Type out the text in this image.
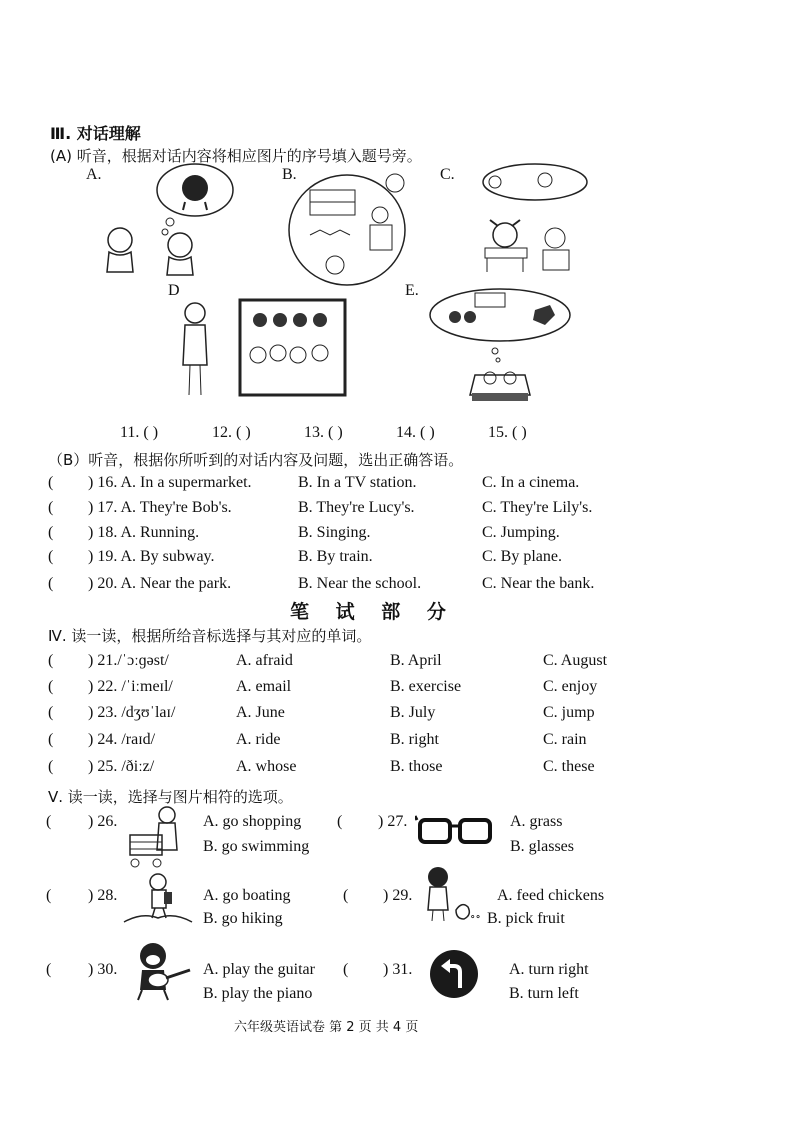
Ⅲ. 对话理解
(A) 听音，根据对话内容将相应图片的序号填入题号旁。
A.	B.	C.
D	E.
11. ( )	12. ( )	13. ( )	14. ( )	15. ( )
（B）听音，根据你所听到的对话内容及问题，选出正确答语。
( ) 16. A. In a supermarket.	B. In a TV station.	C. In a cinema.
( ) 17. A. They're Bob's.	B. They're Lucy's.	C. They're Lily's.
( ) 18. A. Running.	B. Singing.	C. Jumping.
( ) 19. A. By subway.	B. By train.	C. By plane.
( ) 20. A. Near the park.	B. Near the school.	C. Near the bank.
笔 试 部 分
Ⅳ. 读一读，根据所给音标选择与其对应的单词。
( ) 21./ˈɔːɡəst/	A. afraid	B. April	C. August
( ) 22. /ˈiːmeɪl/	A. email	B. exercise	C. enjoy
( ) 23. /dʒʊˈlaɪ/	A. June	B. July	C. jump
( ) 24. /raɪd/	A. ride	B. right	C. rain
( ) 25. /ðiːz/	A. whose	B. those	C. these
Ⅴ. 读一读，选择与图片相符的选项。
( ) 26.	A. go shopping
B. go swimming
( ) 27.	A. grass
B. glasses
( ) 28.	A. go boating
B. go hiking
( ) 29.
∘∘
A. feed chickens
B. pick fruit
( ) 30.	A. play the guitar
B. play the piano
( ) 31.	A. turn right
B. turn left
六年级英语试卷 第 2 页 共 4 页
